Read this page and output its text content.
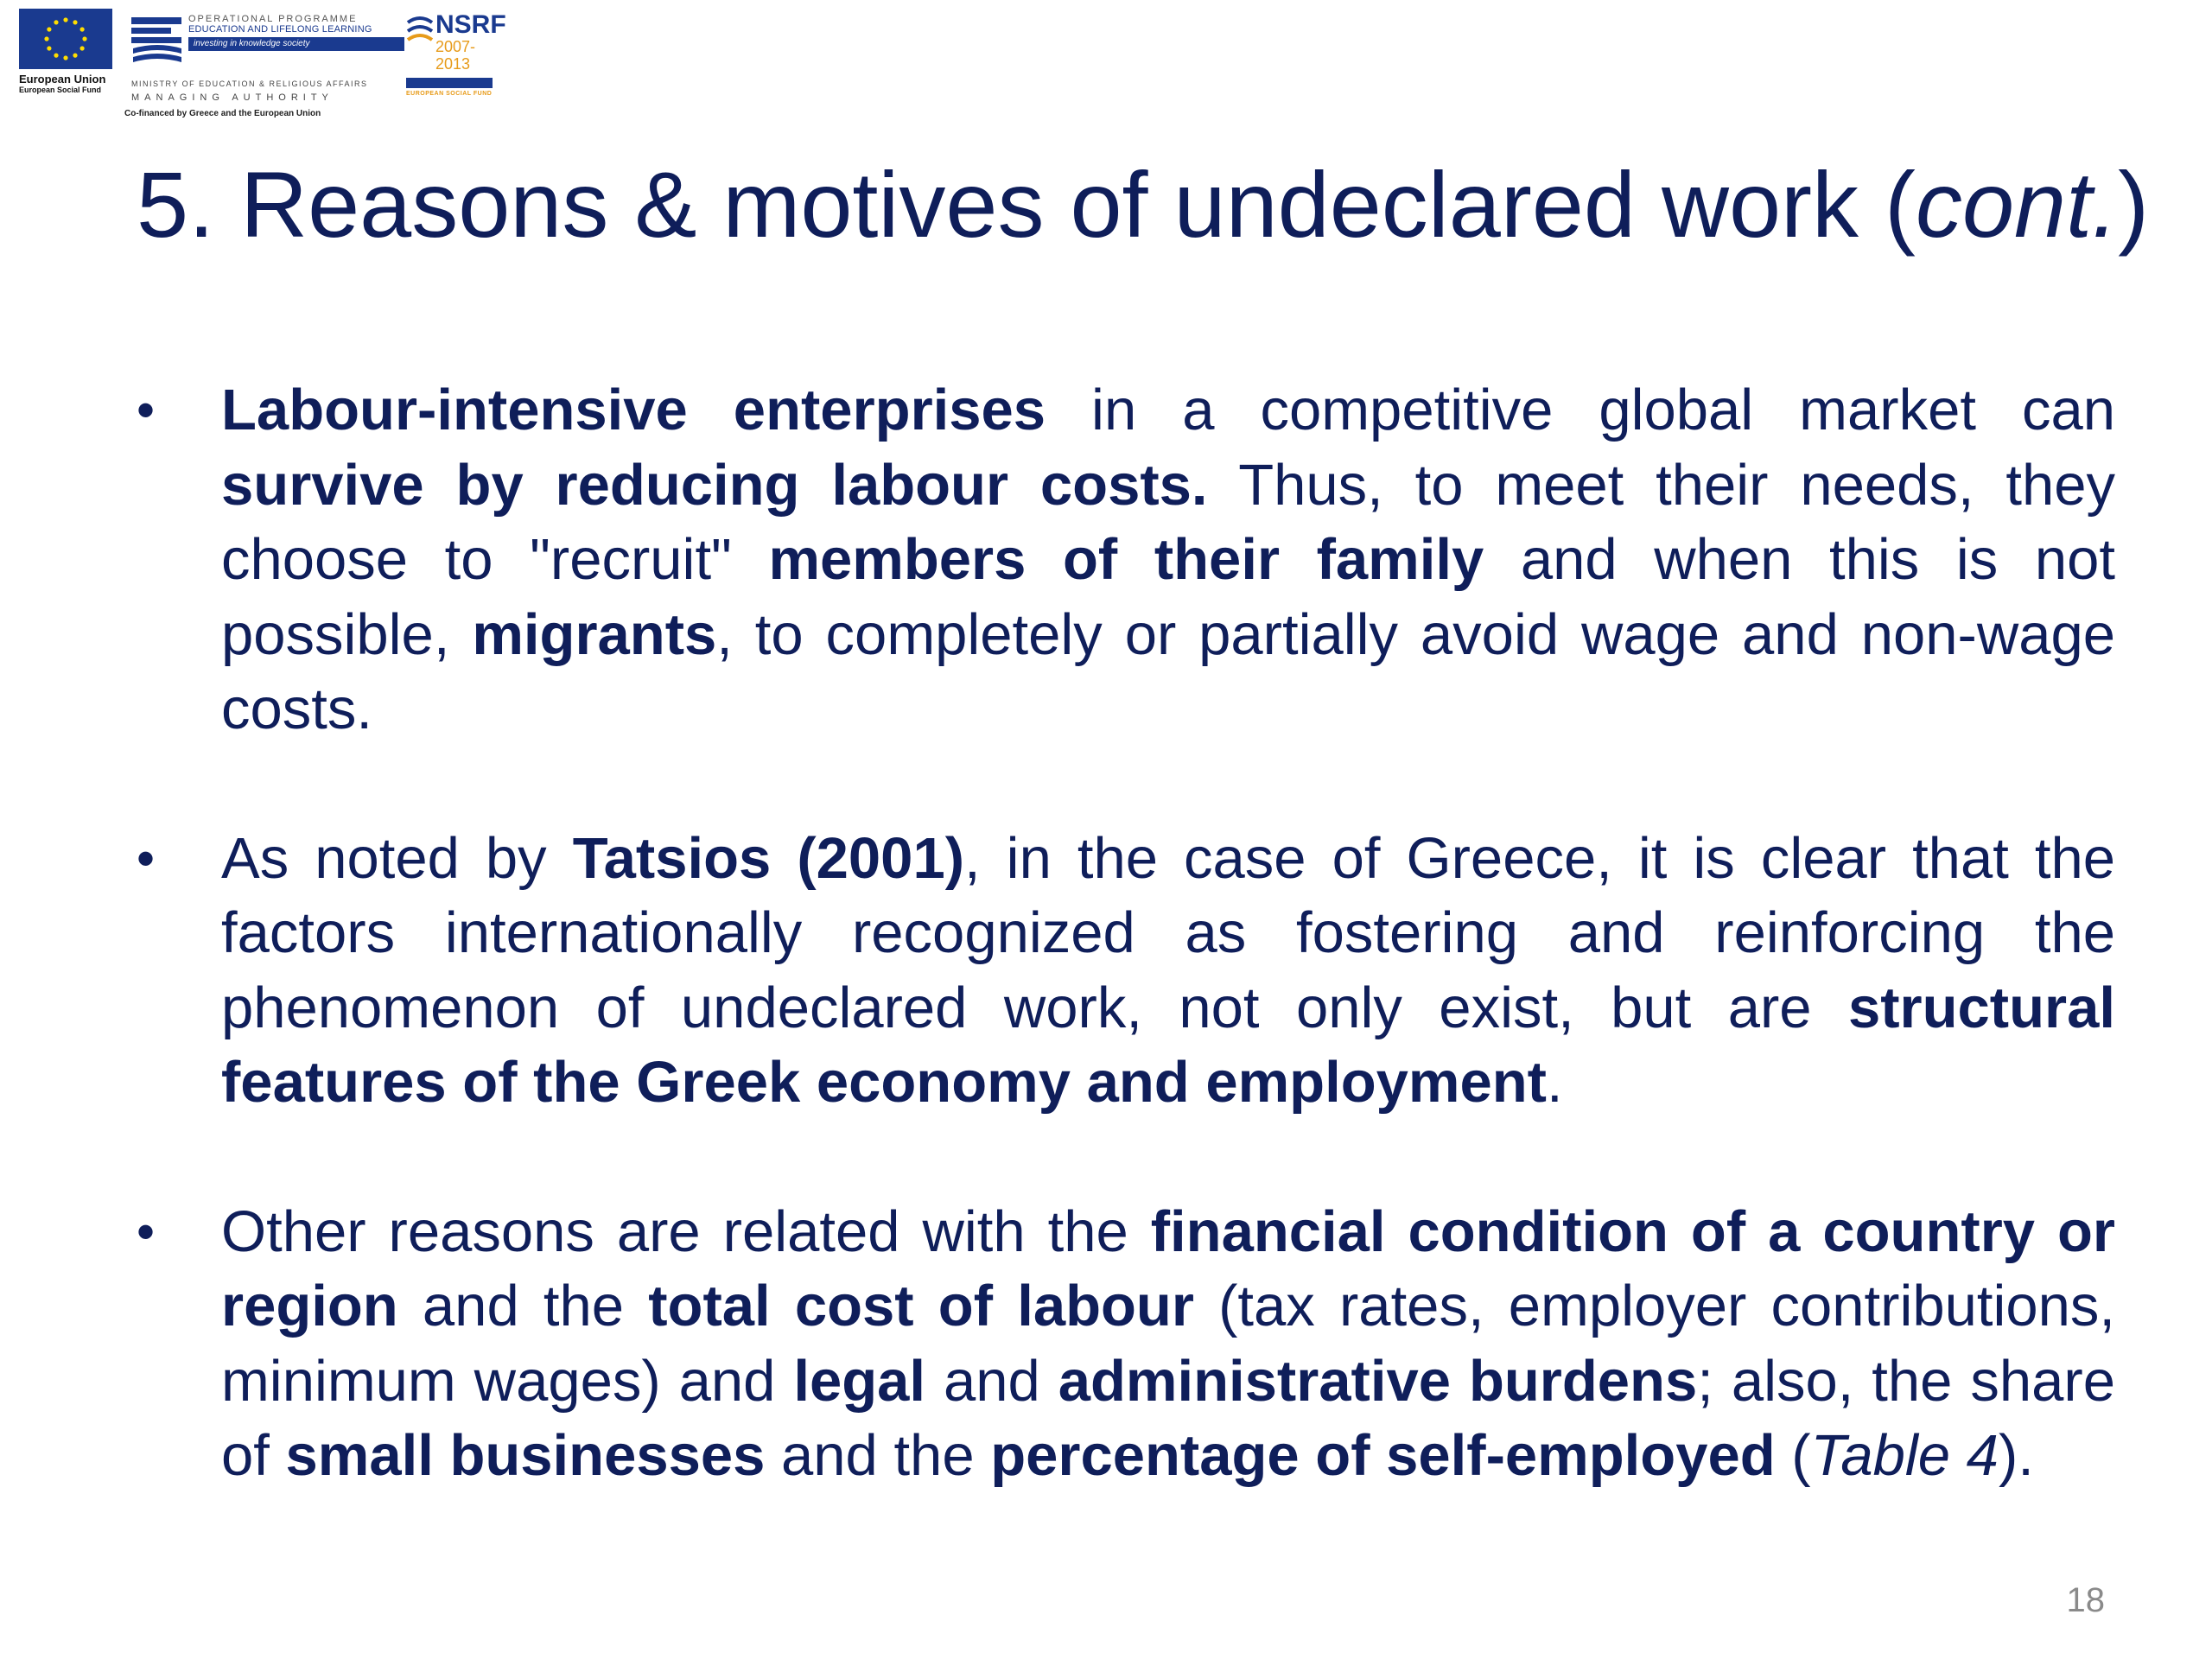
European Union
European Social Fund
OPERATIONAL PROGRAMME
EDUCATION AND LIFELONG LEARNING
investing in knowledge society
MINISTRY OF EDUCATION & RELIGIOUS AFFAIRS
MANAGING AUTHORITY
Co-financed by Greece and the European Union
NSRF
2007-2013
EUROPEAN SOCIAL FUND
5. Reasons & motives of undeclared work (cont.)
• Labour-intensive enterprises in a competitive global market can survive by reducing labour costs. Thus, to meet their needs, they choose to "recruit" members of their family and when this is not possible, migrants, to completely or partially avoid wage and non-wage costs.
• As noted by Tatsios (2001), in the case of Greece, it is clear that the factors internationally recognized as fostering and reinforcing the phenomenon of undeclared work, not only exist, but are structural features of the Greek economy and employment.
• Other reasons are related with the financial condition of a country or region and the total cost of labour (tax rates, employer contributions, minimum wages) and legal and administrative burdens; also, the share of small businesses and the percentage of self-employed (Table 4).
18
